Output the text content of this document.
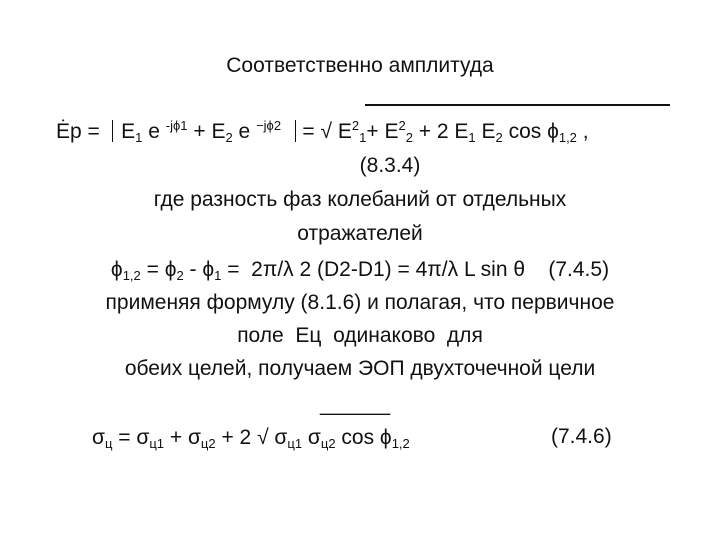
Соответственно амплитуда
Ėр = $E_1$ e $^{-j\phi 1} + E_2$ e $^{-j\phi 2}$ = √ $E^2_1+ E^2_2 + 2$ $E_1$ $E_2$ $\cos \phi_{1,2}$ ,
(8.3.4)
где разность фаз колебаний от отдельных
отражателей
$\phi_{1,2} = \phi_2 - \phi_1 = 2\pi/\lambda$ 2 (D2-D1) = 4π/λ L sin θ    (7.4.5)
применяя формулу (8.1.6) и полагая, что первичное
поле  Ец  одинаково  для
обеих целей, получаем ЭОП двухточечной цели
______
$\sigma_ц = \sigma_{ц1} + \sigma_{ц2} + 2$ √ $\sigma_{ц1}$ $\sigma_{ц2}$ $\cos \phi_{1,2}$	(7.4.6)
